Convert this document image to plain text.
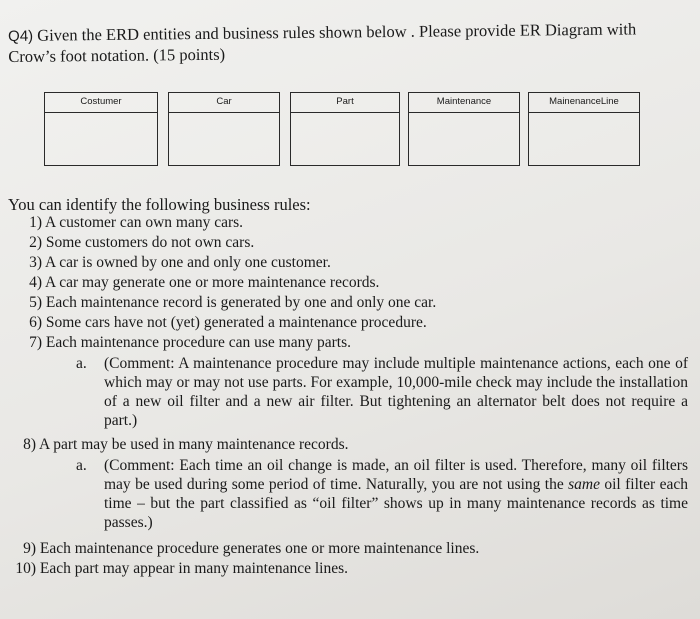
Q4) Given the ERD entities and business rules shown below . Please provide ER Diagram with
Crow’s foot notation. (15 points)
Costumer	Car	Part	Maintenance	MainenanceLine
You can identify the following business rules:
1) A customer can own many cars.
2) Some customers do not own cars.
3) A car is owned by one and only one customer.
4) A car may generate one or more maintenance records.
5) Each maintenance record is generated by one and only one car.
6) Some cars have not (yet) generated a maintenance procedure.
7) Each maintenance procedure can use many parts.
a. (Comment: A maintenance procedure may include multiple maintenance actions, each one of which may or may not use parts. For example, 10,000-mile check may include the installation of a new oil filter and a new air filter. But tightening an alternator belt does not require a part.)
8) A part may be used in many maintenance records.
a. (Comment: Each time an oil change is made, an oil filter is used. Therefore, many oil filters may be used during some period of time. Naturally, you are not using the same oil filter each time – but the part classified as “oil filter” shows up in many maintenance records as time passes.)
9) Each maintenance procedure generates one or more maintenance lines.
10) Each part may appear in many maintenance lines.
